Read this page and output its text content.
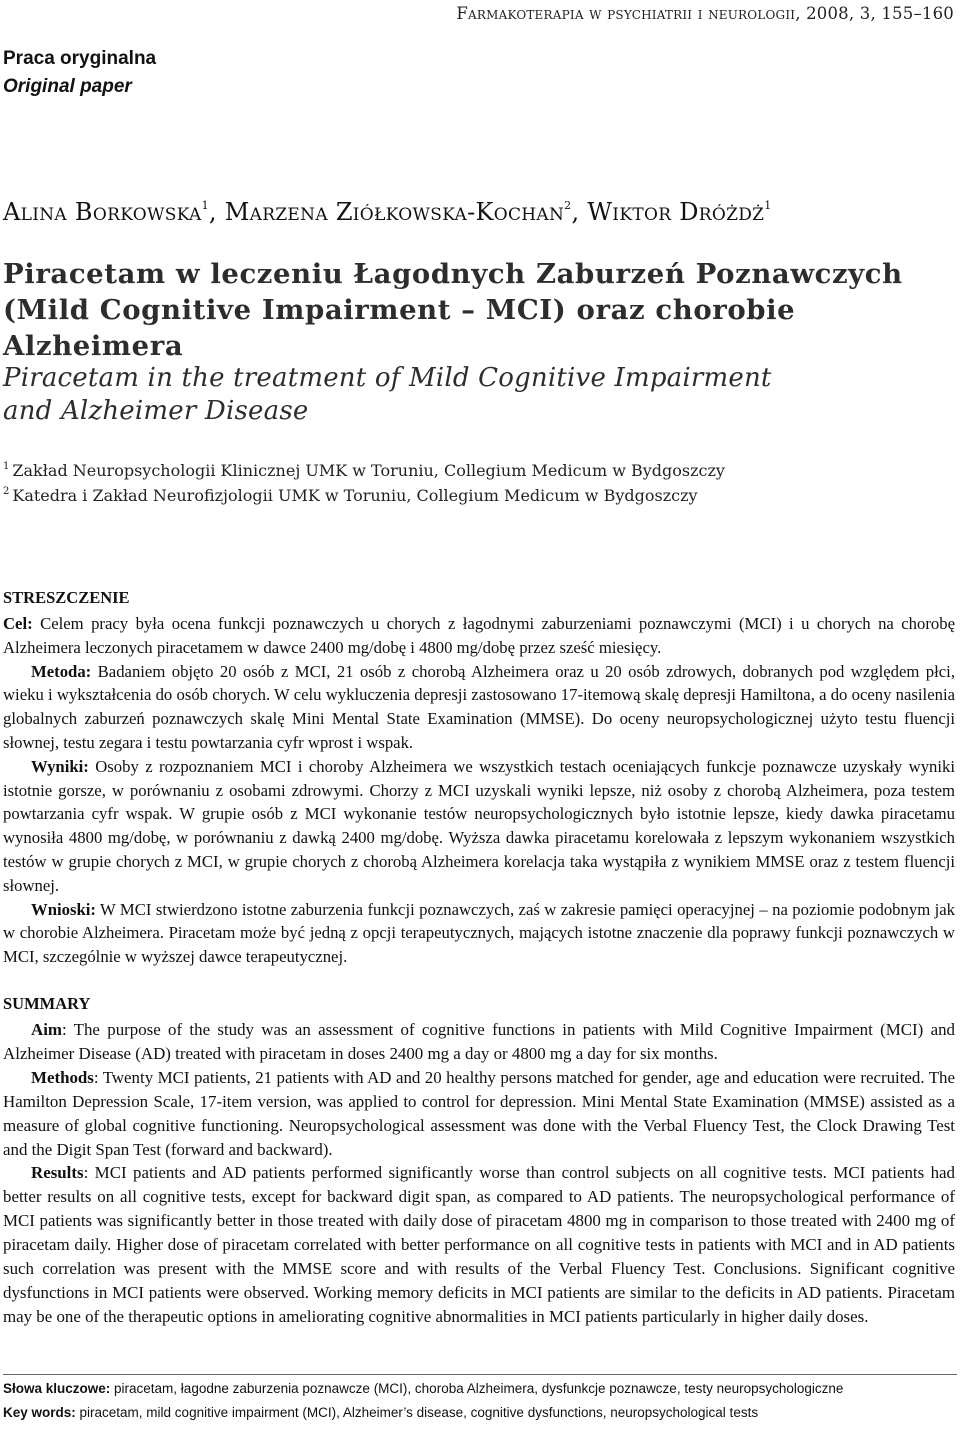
Farmakoterapia w psychiatrii i neurologii, 2008, 3, 155–160
Praca oryginalna
Original paper
Alina Borkowska$^1$, Marzena Ziółkowska-Kochan$^2$, Wiktor Dróżdż$^1$
Piracetam w leczeniu Łagodnych Zaburzeń Poznawczych
(Mild Cognitive Impairment – MCI) oraz chorobie Alzheimera
Piracetam in the treatment of Mild Cognitive Impairment
and Alzheimer Disease
$^1$ Zakład Neuropsychologii Klinicznej UMK w Toruniu, Collegium Medicum w Bydgoszczy
$^2$ Katedra i Zakład Neurofizjologii UMK w Toruniu, Collegium Medicum w Bydgoszczy
STRESZCZENIE

Cel: Celem pracy była ocena funkcji poznawczych u chorych z łagodnymi zaburzeniami poznawczymi (MCI) i u chorych na chorobę Alzheimera leczonych piracetamem w dawce 2400 mg/dobę i 4800 mg/dobę przez sześć miesięcy.

Metoda: Badaniem objęto 20 osób z MCI, 21 osób z chorobą Alzheimera oraz u 20 osób zdrowych, dobranych pod względem płci, wieku i wykształcenia do osób chorych. W celu wykluczenia depresji zastosowano 17-itemową skalę depresji Hamiltona, a do oceny nasilenia globalnych zaburzeń poznawczych skalę Mini Mental State Examination (MMSE). Do oceny neuropsychologicznej użyto testu fluencji słownej, testu zegara i testu powtarzania cyfr wprost i wspak.

Wyniki: Osoby z rozpoznaniem MCI i choroby Alzheimera we wszystkich testach oceniających funkcje poznawcze uzyskały wyniki istotnie gorsze, w porównaniu z osobami zdrowymi. Chorzy z MCI uzyskali wyniki lepsze, niż osoby z chorobą Alzheimera, poza testem powtarzania cyfr wspak. W grupie osób z MCI wykonanie testów neuropsychologicznych było istotnie lepsze, kiedy dawka piracetamu wynosiła 4800 mg/dobę, w porównaniu z dawką 2400 mg/dobę. Wyższa dawka piracetamu korelowała z lepszym wykonaniem wszystkich testów w grupie chorych z MCI, w grupie chorych z chorobą Alzheimera korelacja taka wystąpiła z wynikiem MMSE oraz z testem fluencji słownej.

Wnioski: W MCI stwierdzono istotne zaburzenia funkcji poznawczych, zaś w zakresie pamięci operacyjnej – na poziomie podobnym jak w chorobie Alzheimera. Piracetam może być jedną z opcji terapeutycznych, mających istotne znaczenie dla poprawy funkcji poznawczych w MCI, szczególnie w wyższej dawce terapeutycznej.

SUMMARY

Aim: The purpose of the study was an assessment of cognitive functions in patients with Mild Cognitive Impairment (MCI) and Alzheimer Disease (AD) treated with piracetam in doses 2400 mg a day or 4800 mg a day for six months.

Methods: Twenty MCI patients, 21 patients with AD and 20 healthy persons matched for gender, age and education were recruited. The Hamilton Depression Scale, 17-item version, was applied to control for depression. Mini Mental State Examination (MMSE) assisted as a measure of global cognitive functioning. Neuropsychological assessment was done with the Verbal Fluency Test, the Clock Drawing Test and the Digit Span Test (forward and backward).

Results: MCI patients and AD patients performed significantly worse than control subjects on all cognitive tests. MCI patients had better results on all cognitive tests, except for backward digit span, as compared to AD patients. The neuropsychological performance of MCI patients was significantly better in those treated with daily dose of piracetam 4800 mg in comparison to those treated with 2400 mg of piracetam daily. Higher dose of piracetam correlated with better performance on all cognitive tests in patients with MCI and in AD patients such correlation was present with the MMSE score and with results of the Verbal Fluency Test. Conclusions. Significant cognitive dysfunctions in MCI patients were observed. Working memory deficits in MCI patients are similar to the deficits in AD patients. Piracetam may be one of the therapeutic options in ameliorating cognitive abnormalities in MCI patients particularly in higher daily doses.

Słowa kluczowe: piracetam, łagodne zaburzenia poznawcze (MCI), choroba Alzheimera, dysfunkcje poznawcze, testy neuropsychologiczne
Key words: piracetam, mild cognitive impairment (MCI), Alzheimer’s disease, cognitive dysfunctions, neuropsychological tests
